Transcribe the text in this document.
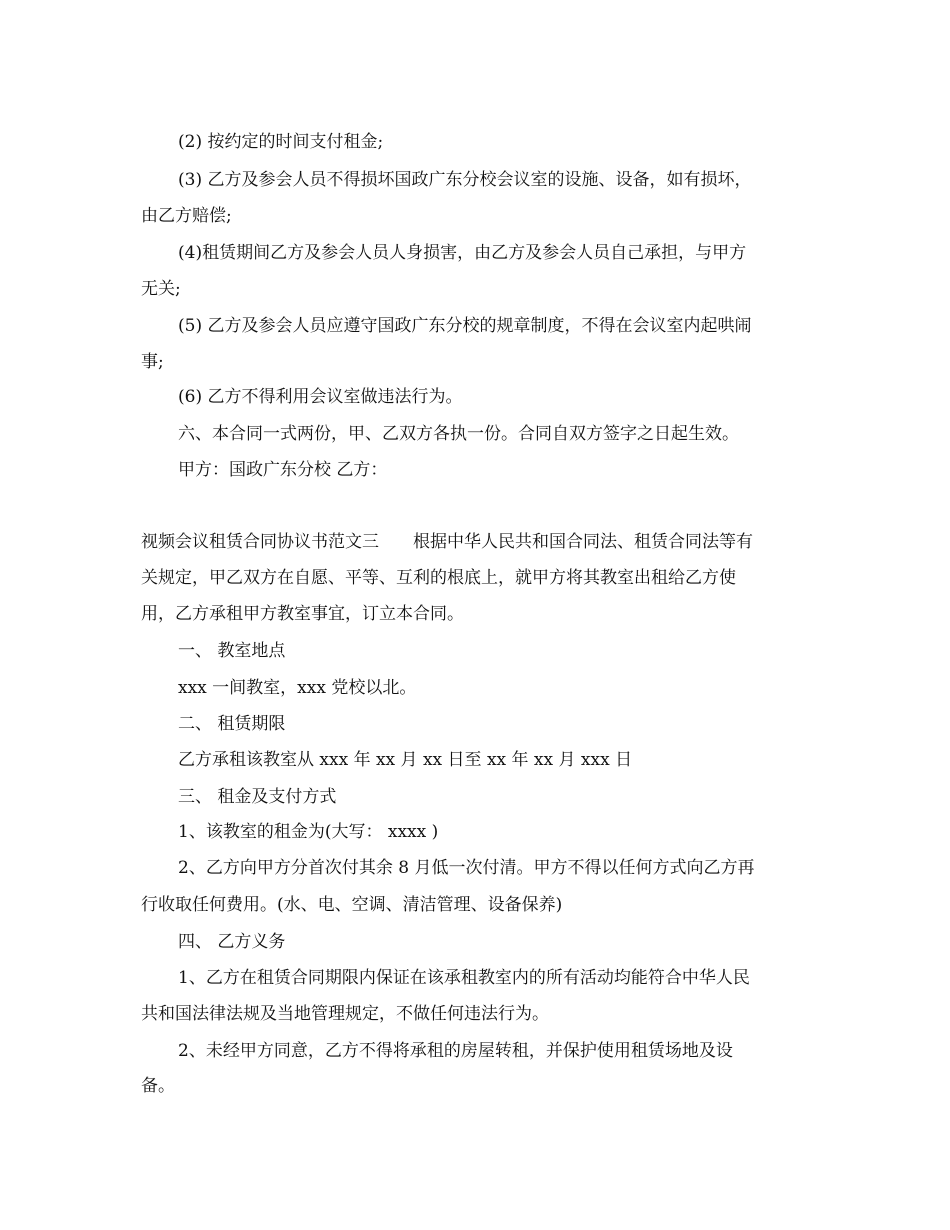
(2) 按约定的时间支付租金;
(3) 乙方及参会人员不得损坏国政广东分校会议室的设施、设备，如有损坏，
由乙方赔偿;
(4)租赁期间乙方及参会人员人身损害，由乙方及参会人员自己承担，与甲方
无关;
(5) 乙方及参会人员应遵守国政广东分校的规章制度，不得在会议室内起哄闹
事;
(6) 乙方不得利用会议室做违法行为。
六、本合同一式两份，甲、乙双方各执一份。合同自双方签字之日起生效。
甲方：国政广东分校 乙方：
视频会议租赁合同协议书范文三　　根据中华人民共和国合同法、租赁合同法等有
关规定，甲乙双方在自愿、平等、互利的根底上，就甲方将其教室出租给乙方使
用，乙方承租甲方教室事宜，订立本合同。
一、 教室地点
xxx 一间教室，xxx 党校以北。
二、 租赁期限
乙方承租该教室从 xxx 年 xx 月 xx 日至 xx 年 xx 月 xxx 日
三、 租金及支付方式
1、该教室的租金为(大写： xxxx )
2、乙方向甲方分首次付其余 8 月低一次付清。甲方不得以任何方式向乙方再
行收取任何费用。(水、电、空调、清洁管理、设备保养)
四、 乙方义务
1、乙方在租赁合同期限内保证在该承租教室内的所有活动均能符合中华人民
共和国法律法规及当地管理规定，不做任何违法行为。
2、未经甲方同意，乙方不得将承租的房屋转租，并保护使用租赁场地及设
备。
